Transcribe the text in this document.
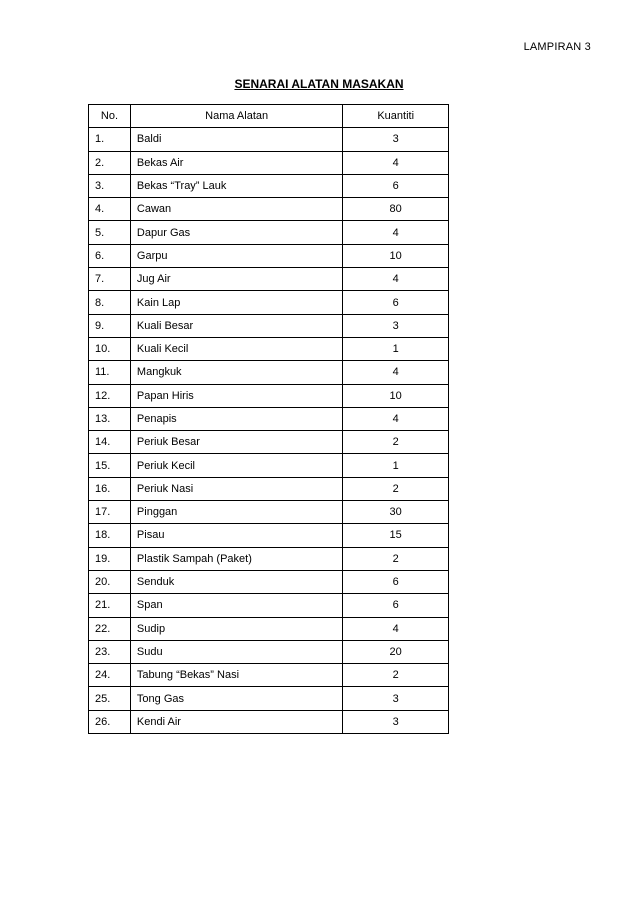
LAMPIRAN 3
SENARAI ALATAN MASAKAN
No.	Nama Alatan	Kuantiti
1.	Baldi	3
2.	Bekas Air	4
3.	Bekas “Tray” Lauk	6
4.	Cawan	80
5.	Dapur Gas	4
6.	Garpu	10
7.	Jug Air	4
8.	Kain Lap	6
9.	Kuali Besar	3
10.	Kuali Kecil	1
11.	Mangkuk	4
12.	Papan Hiris	10
13.	Penapis	4
14.	Periuk Besar	2
15.	Periuk Kecil	1
16.	Periuk Nasi	2
17.	Pinggan	30
18.	Pisau	15
19.	Plastik Sampah (Paket)	2
20.	Senduk	6
21.	Span	6
22.	Sudip	4
23.	Sudu	20
24.	Tabung “Bekas” Nasi	2
25.	Tong Gas	3
26.	Kendi Air	3
